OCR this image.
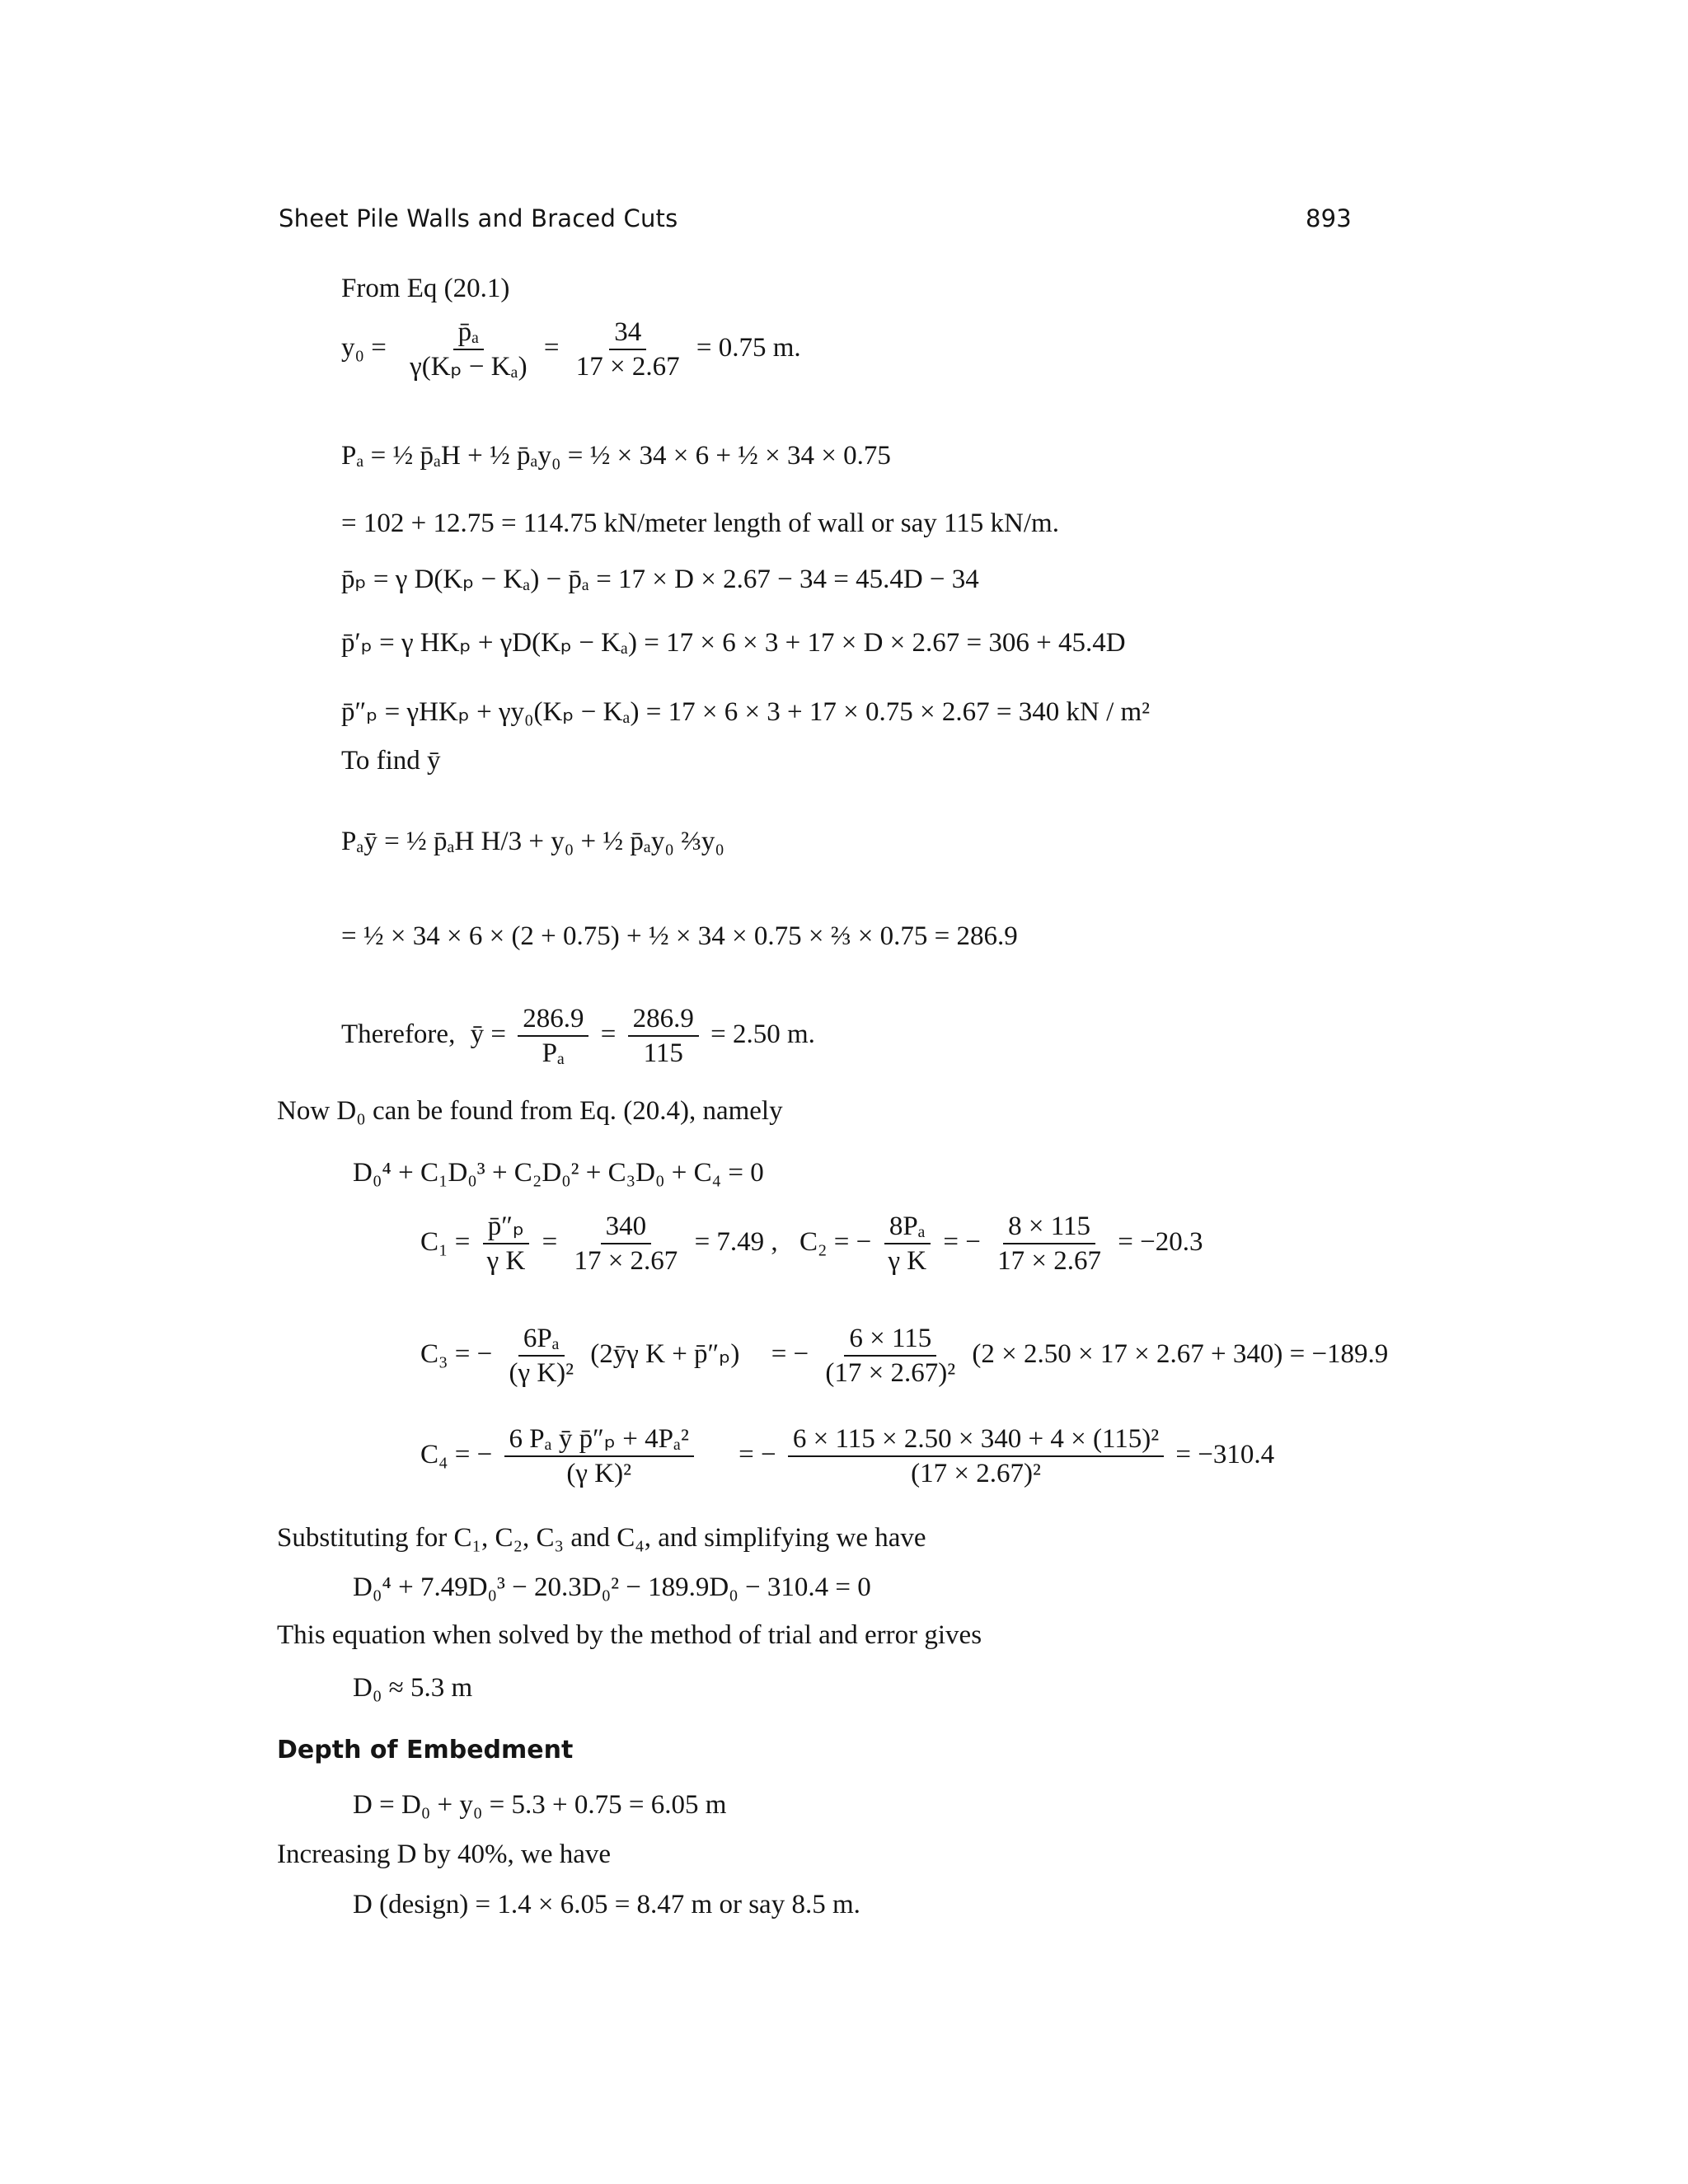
Sheet Pile Walls and Braced Cuts	893
From Eq (20.1)
$y_0 = \frac{\text{p̄ₐ}}{\text{γ(Kₚ − Kₐ)}} = \frac{34}{17 \times 2.67} = 0.75$ m.
Pₐ = ½ p̄ₐH + ½ p̄ₐy₀ = ½ × 34 × 6 + ½ × 34 × 0.75
= 102 + 12.75 = 114.75 kN/meter length of wall or say 115 kN/m.
p̄ₚ = γ D(Kₚ − Kₐ) − p̄ₐ = 17 × D × 2.67 − 34 = 45.4D − 34
p̄′ₚ = γ HKₚ + γD(Kₚ − Kₐ) = 17 × 6 × 3 + 17 × D × 2.67 = 306 + 45.4D
p̄″ₚ = γHKₚ + γy₀(Kₚ − Kₐ) = 17 × 6 × 3 + 17 × 0.75 × 2.67 = 340 kN / m²
To find ȳ
Pₐȳ = ½ p̄ₐH H/3 + y₀ + ½ p̄ₐy₀ ⅔y₀
= ½ × 34 × 6 × (2 + 0.75) + ½ × 34 × 0.75 × ⅔ × 0.75 = 286.9
Therefore, ȳ = $\frac{286.9}{\text{Pₐ}} = \frac{286.9}{115} = 2.50$ m.
Now D₀ can be found from Eq. (20.4), namely
D₀⁴ + C₁D₀³ + C₂D₀² + C₃D₀ + C₄ = 0
$C_1 = \frac{\text{p̄″ₚ}}{\text{γ K}} = \frac{340}{17 \times 2.67} = 7.49$ , C₂ = − $\frac{\text{8Pₐ}}{\text{γ K}}$ = − $\frac{8 \times 115}{17 \times 2.67} = -20.3$
C₃ = − $\frac{\text{6Pₐ}}{\text{(γ K)²}}$ (2ȳγ K + p̄″ₚ) = − $\frac{6 \times 115}{\text{(17 × 2.67)²}} (2 \times 2.50 \times 17 \times 2.67 + 340) = -189.9$
C₄ = − $\frac{\text{6 Pₐ ȳ p̄″ₚ + 4Pₐ²}}{\text{(γ K)²}}$ = − $\frac{\text{6 × 115 × 2.50 × 340 + 4 × (115)²}}{\text{(17 × 2.67)²}} = -310.4$
Substituting for C₁, C₂, C₃ and C₄, and simplifying we have
D₀⁴ + 7.49D₀³ − 20.3D₀² − 189.9D₀ − 310.4 = 0
This equation when solved by the method of trial and error gives
D₀ ≈ 5.3 m
Depth of Embedment
D = D₀ + y₀ = 5.3 + 0.75 = 6.05 m
Increasing D by 40%, we have
D (design) = 1.4 × 6.05 = 8.47 m or say 8.5 m.
